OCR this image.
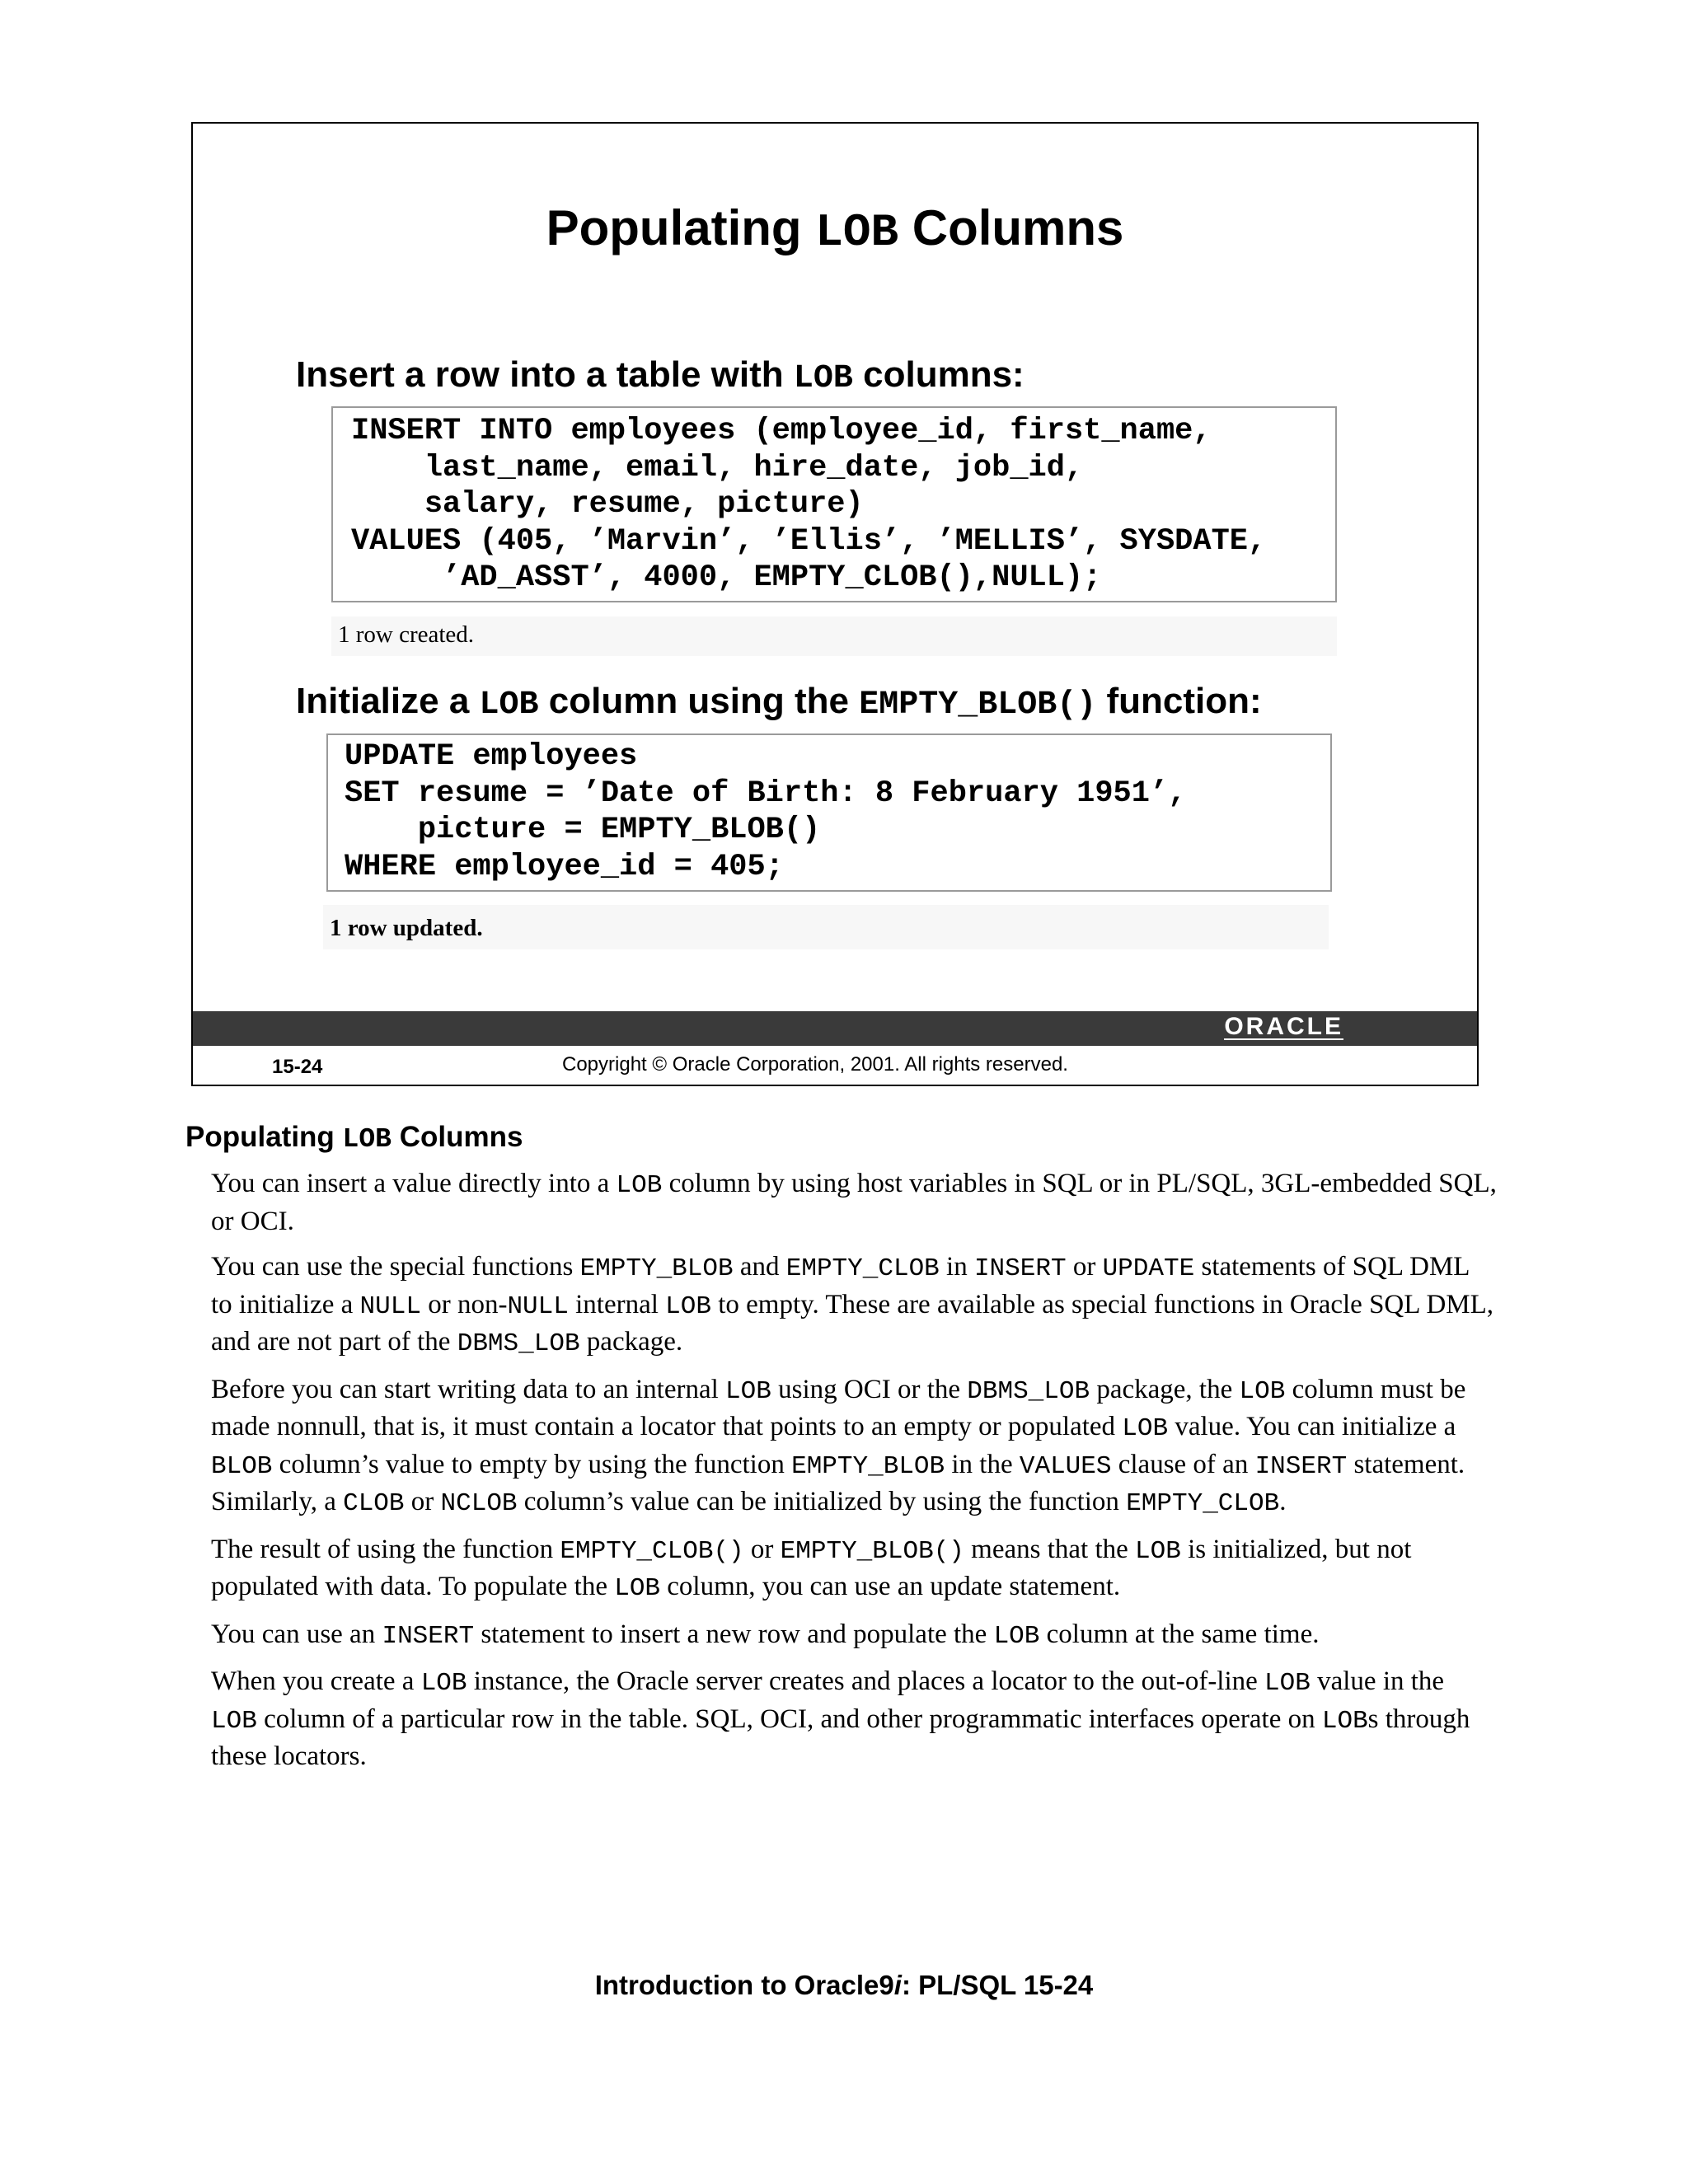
Populating LOB Columns
Insert a row into a table with LOB columns:
INSERT INTO employees (employee_id, first_name,
last_name, email, hire_date, job_id,
salary, resume, picture)
VALUES (405, ’Marvin’, ’Ellis’, ’MELLIS’, SYSDATE,
’AD_ASST’, 4000, EMPTY_CLOB(),NULL);
1 row created.
Initialize a LOB column using the EMPTY_BLOB() function:
UPDATE employees
SET resume = ’Date of Birth: 8 February 1951’,
picture = EMPTY_BLOB()
WHERE employee_id = 405;
1 row updated.
ORACLE
15-24	Copyright © Oracle Corporation, 2001. All rights reserved.
Populating LOB Columns

You can insert a value directly into a LOB column by using host variables in SQL or in PL/SQL, 3GL-embedded SQL, or OCI.

You can use the special functions EMPTY_BLOB and EMPTY_CLOB in INSERT or UPDATE statements of SQL DML to initialize a NULL or non-NULL internal LOB to empty. These are available as special functions in Oracle SQL DML, and are not part of the DBMS_LOB package.

Before you can start writing data to an internal LOB using OCI or the DBMS_LOB package, the LOB column must be made nonnull, that is, it must contain a locator that points to an empty or populated LOB value. You can initialize a BLOB column’s value to empty by using the function EMPTY_BLOB in the VALUES clause of an INSERT statement. Similarly, a CLOB or NCLOB column’s value can be initialized by using the function EMPTY_CLOB.

The result of using the function EMPTY_CLOB() or EMPTY_BLOB() means that the LOB is initialized, but not populated with data. To populate the LOB column, you can use an update statement.

You can use an INSERT statement to insert a new row and populate the LOB column at the same time.

When you create a LOB instance, the Oracle server creates and places a locator to the out-of-line LOB value in the LOB column of a particular row in the table. SQL, OCI, and other programmatic interfaces operate on LOBs through these locators.

Introduction to Oracle9i: PL/SQL 15-24
